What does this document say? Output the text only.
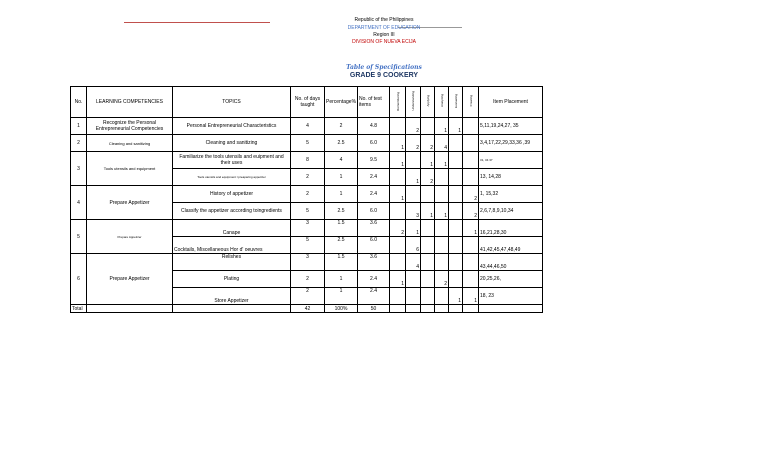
Republic of the Philippines
DEPARTMENT OF EDUCATION
Region III
DIVISION OF NUEVA ECIJA
Table of Specifications
GRADE 9 COOKERY
No.	LEARNING COMPETENCIES	TOPICS	No. of days taught	Percentage%	No. of test items	Remembering	Understanding	Applying	Analyzing	Evaluating	Creating	Item Placement
1	Recognize the Personal Entrepreneurial Competencies	Personal Entrepreneurial Characteristics	4	2	4.8		2		1	1		5,11,19,24,27, 35
2	Cleaning and sanitizing	Cleaning and sanitizing	5	2.5	6.0	1	2	2	4			3,4,17,22,29,33,36 ,39
3	Tools utensils and equipment	Familiarize the tools utensils and euipment and their uses	8	4	9.5	1		1	1			31, 34 37
		Tools utensils and equipment l preaparing appetizer	2	1	2.4		1	2				13, 14,28
4	Prepare Appetizer	History of appetizer	2	1	2.4	1					2	1, 15,32
		Classify the appetizer according toingredients	5	2.5	6.0		3	1	1		2	2,6,7,8,9,10,34
5	Prepare Appetizer	Canape	3	1.5	3.6	2	1				1	16,21,28,30
		Cocktails, Miscellaneous Hor d' oeuvres	5	2.5	6.0		6					41,42,45,47,48,49
6	Prepare Appetizer	Relishes	3	1.5	3.6		4					43,44,46,50
		Plating	2	1	2.4	1			2			20,25,26,
		Store Appetizer	2	1	2.4					1	1	18, 23
Total			42	100%	50							
